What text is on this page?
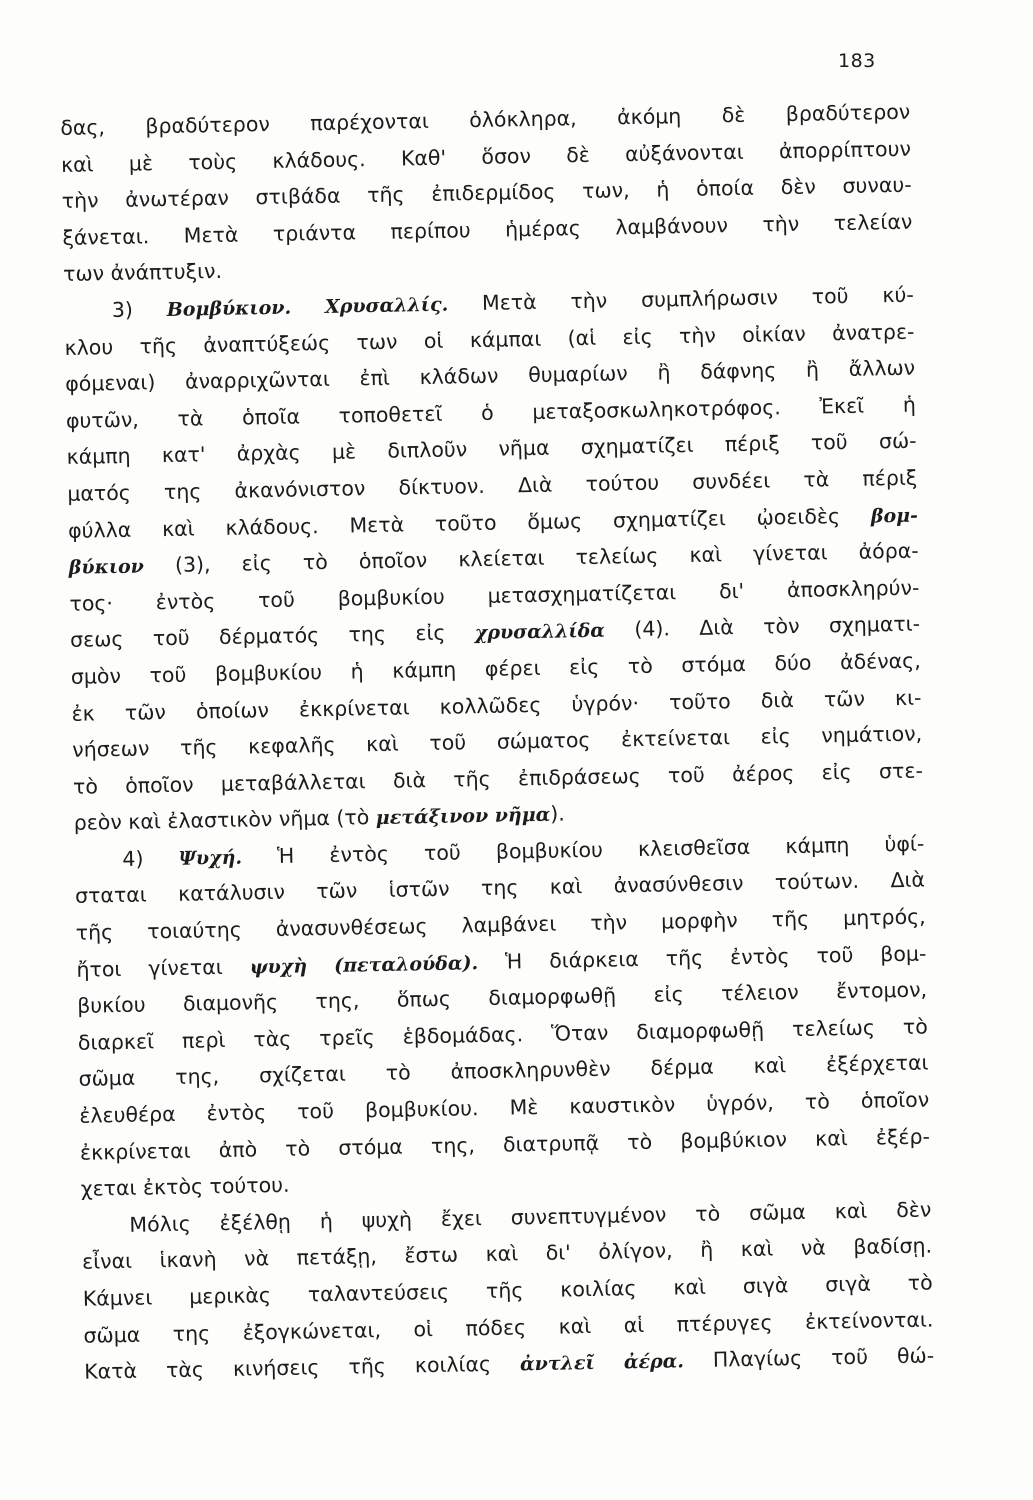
183
δας, βραδύτερον παρέχονται ὁλόκληρα, ἀκόμη δὲ βραδύτερον
καὶ μὲ τοὺς κλάδους. Καθ' ὅσον δὲ αὐξάνονται ἀπορρίπτουν
τὴν ἀνωτέραν στιβάδα τῆς ἐπιδερμίδος των, ἡ ὁποία δὲν συναυ-
ξάνεται. Μετὰ τριάντα περίπου ἡμέρας λαμβάνουν τὴν τελείαν
των ἀνάπτυξιν.
3) Βομβύκιον. Χρυσαλλίς. Μετὰ τὴν συμπλήρωσιν τοῦ κύ-
κλου τῆς ἀναπτύξεώς των οἱ κάμπαι (αἱ εἰς τὴν οἰκίαν ἀνατρε-
φόμεναι) ἀναρριχῶνται ἐπὶ κλάδων θυμαρίων ἢ δάφνης ἢ ἄλλων
φυτῶν, τὰ ὁποῖα τοποθετεῖ ὁ μεταξοσκωληκοτρόφος. Ἐκεῖ ἡ
κάμπη κατ' ἀρχὰς μὲ διπλοῦν νῆμα σχηματίζει πέριξ τοῦ σώ-
ματός της ἀκανόνιστον δίκτυον. Διὰ τούτου συνδέει τὰ πέριξ
φύλλα καὶ κλάδους. Μετὰ τοῦτο ὅμως σχηματίζει ᾠοειδὲς βομ-
βύκιον (3), εἰς τὸ ὁποῖον κλείεται τελείως καὶ γίνεται ἀόρα-
τος· ἐντὸς τοῦ βομβυκίου μετασχηματίζεται δι' ἀποσκληρύν-
σεως τοῦ δέρματός της εἰς χρυσαλλίδα (4). Διὰ τὸν σχηματι-
σμὸν τοῦ βομβυκίου ἡ κάμπη φέρει εἰς τὸ στόμα δύο ἀδένας,
ἐκ τῶν ὁποίων ἐκκρίνεται κολλῶδες ὑγρόν· τοῦτο διὰ τῶν κι-
νήσεων τῆς κεφαλῆς καὶ τοῦ σώματος ἐκτείνεται εἰς νημάτιον,
τὸ ὁποῖον μεταβάλλεται διὰ τῆς ἐπιδράσεως τοῦ ἀέρος εἰς στε-
ρεὸν καὶ ἐλαστικὸν νῆμα (τὸ μετάξινον νῆμα).
4) Ψυχή. Ἡ ἐντὸς τοῦ βομβυκίου κλεισθεῖσα κάμπη ὑφί-
σταται κατάλυσιν τῶν ἱστῶν της καὶ ἀνασύνθεσιν τούτων. Διὰ
τῆς τοιαύτης ἀνασυνθέσεως λαμβάνει τὴν μορφὴν τῆς μητρός,
ἤτοι γίνεται ψυχὴ (πεταλούδα). Ἡ διάρκεια τῆς ἐντὸς τοῦ βομ-
βυκίου διαμονῆς της, ὅπως διαμορφωθῇ εἰς τέλειον ἔντομον,
διαρκεῖ περὶ τὰς τρεῖς ἑβδομάδας. Ὅταν διαμορφωθῇ τελείως τὸ
σῶμα της, σχίζεται τὸ ἀποσκληρυνθὲν δέρμα καὶ ἐξέρχεται
ἐλευθέρα ἐντὸς τοῦ βομβυκίου. Μὲ καυστικὸν ὑγρόν, τὸ ὁποῖον
ἐκκρίνεται ἀπὸ τὸ στόμα της, διατρυπᾷ τὸ βομβύκιον καὶ ἐξέρ-
χεται ἐκτὸς τούτου.
Μόλις ἐξέλθῃ ἡ ψυχὴ ἔχει συνεπτυγμένον τὸ σῶμα καὶ δὲν
εἶναι ἱκανὴ νὰ πετάξῃ, ἔστω καὶ δι' ὀλίγον, ἢ καὶ νὰ βαδίσῃ.
Κάμνει μερικὰς ταλαντεύσεις τῆς κοιλίας καὶ σιγὰ σιγὰ τὸ
σῶμα της ἐξογκώνεται, οἱ πόδες καὶ αἱ πτέρυγες ἐκτείνονται.
Κατὰ τὰς κινήσεις τῆς κοιλίας ἀντλεῖ ἀέρα. Πλαγίως τοῦ θώ-
